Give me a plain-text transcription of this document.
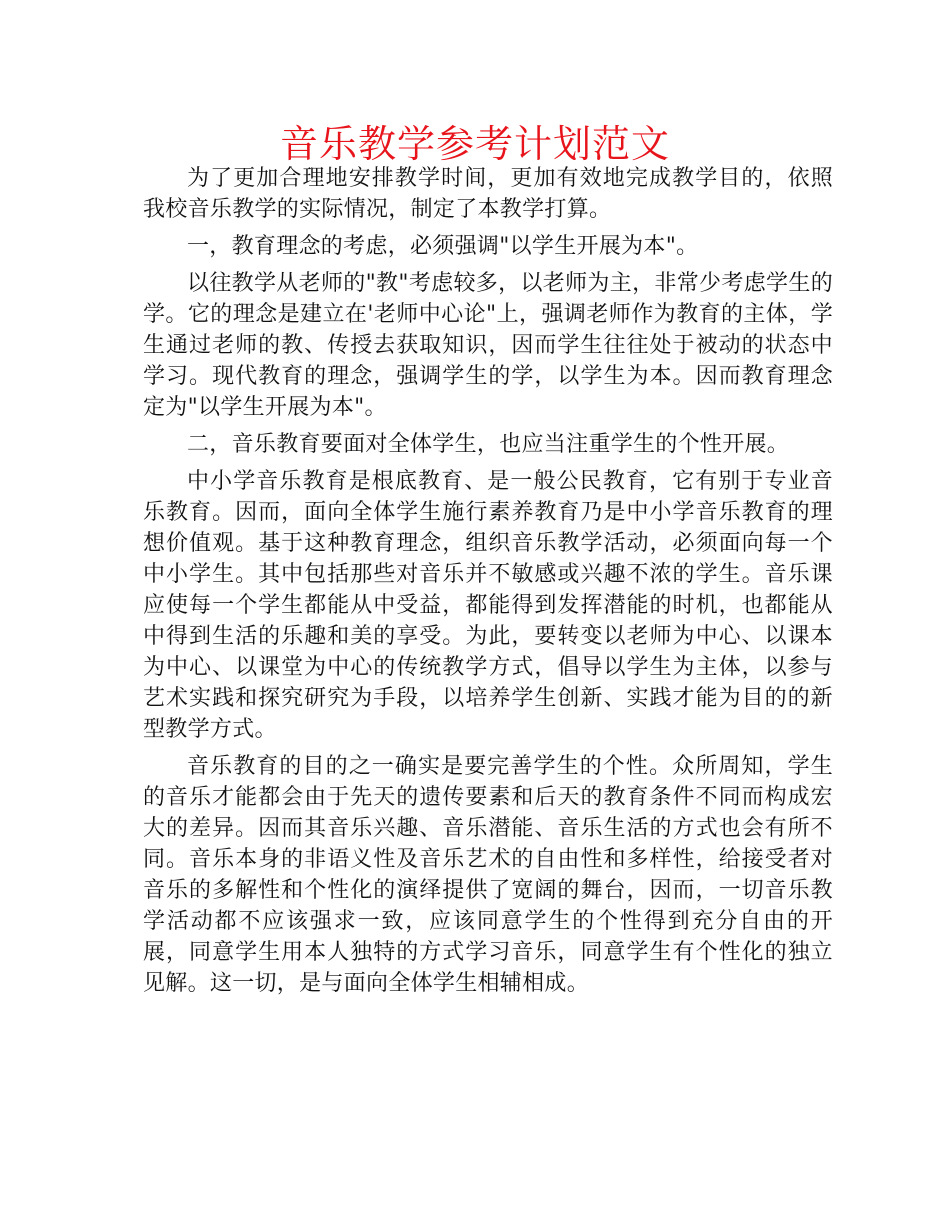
音乐教学参考计划范文

为了更加合理地安排教学时间，更加有效地完成教学目的，依照我校音乐教学的实际情况，制定了本教学打算。

一，教育理念的考虑，必须强调"以学生开展为本"。

以往教学从老师的"教"考虑较多，以老师为主，非常少考虑学生的学。它的理念是建立在'老师中心论"上，强调老师作为教育的主体，学生通过老师的教、传授去获取知识，因而学生往往处于被动的状态中学习。现代教育的理念，强调学生的学，以学生为本。因而教育理念定为"以学生开展为本"。

二，音乐教育要面对全体学生，也应当注重学生的个性开展。

中小学音乐教育是根底教育、是一般公民教育，它有别于专业音乐教育。因而，面向全体学生施行素养教育乃是中小学音乐教育的理想价值观。基于这种教育理念，组织音乐教学活动，必须面向每一个中小学生。其中包括那些对音乐并不敏感或兴趣不浓的学生。音乐课应使每一个学生都能从中受益，都能得到发挥潜能的时机，也都能从中得到生活的乐趣和美的享受。为此，要转变以老师为中心、以课本为中心、以课堂为中心的传统教学方式，倡导以学生为主体，以参与艺术实践和探究研究为手段，以培养学生创新、实践才能为目的的新型教学方式。

音乐教育的目的之一确实是要完善学生的个性。众所周知，学生的音乐才能都会由于先天的遗传要素和后天的教育条件不同而构成宏大的差异。因而其音乐兴趣、音乐潜能、音乐生活的方式也会有所不同。音乐本身的非语义性及音乐艺术的自由性和多样性，给接受者对音乐的多解性和个性化的演绎提供了宽阔的舞台，因而，一切音乐教学活动都不应该强求一致，应该同意学生的个性得到充分自由的开展，同意学生用本人独特的方式学习音乐，同意学生有个性化的独立见解。这一切，是与面向全体学生相辅相成。
